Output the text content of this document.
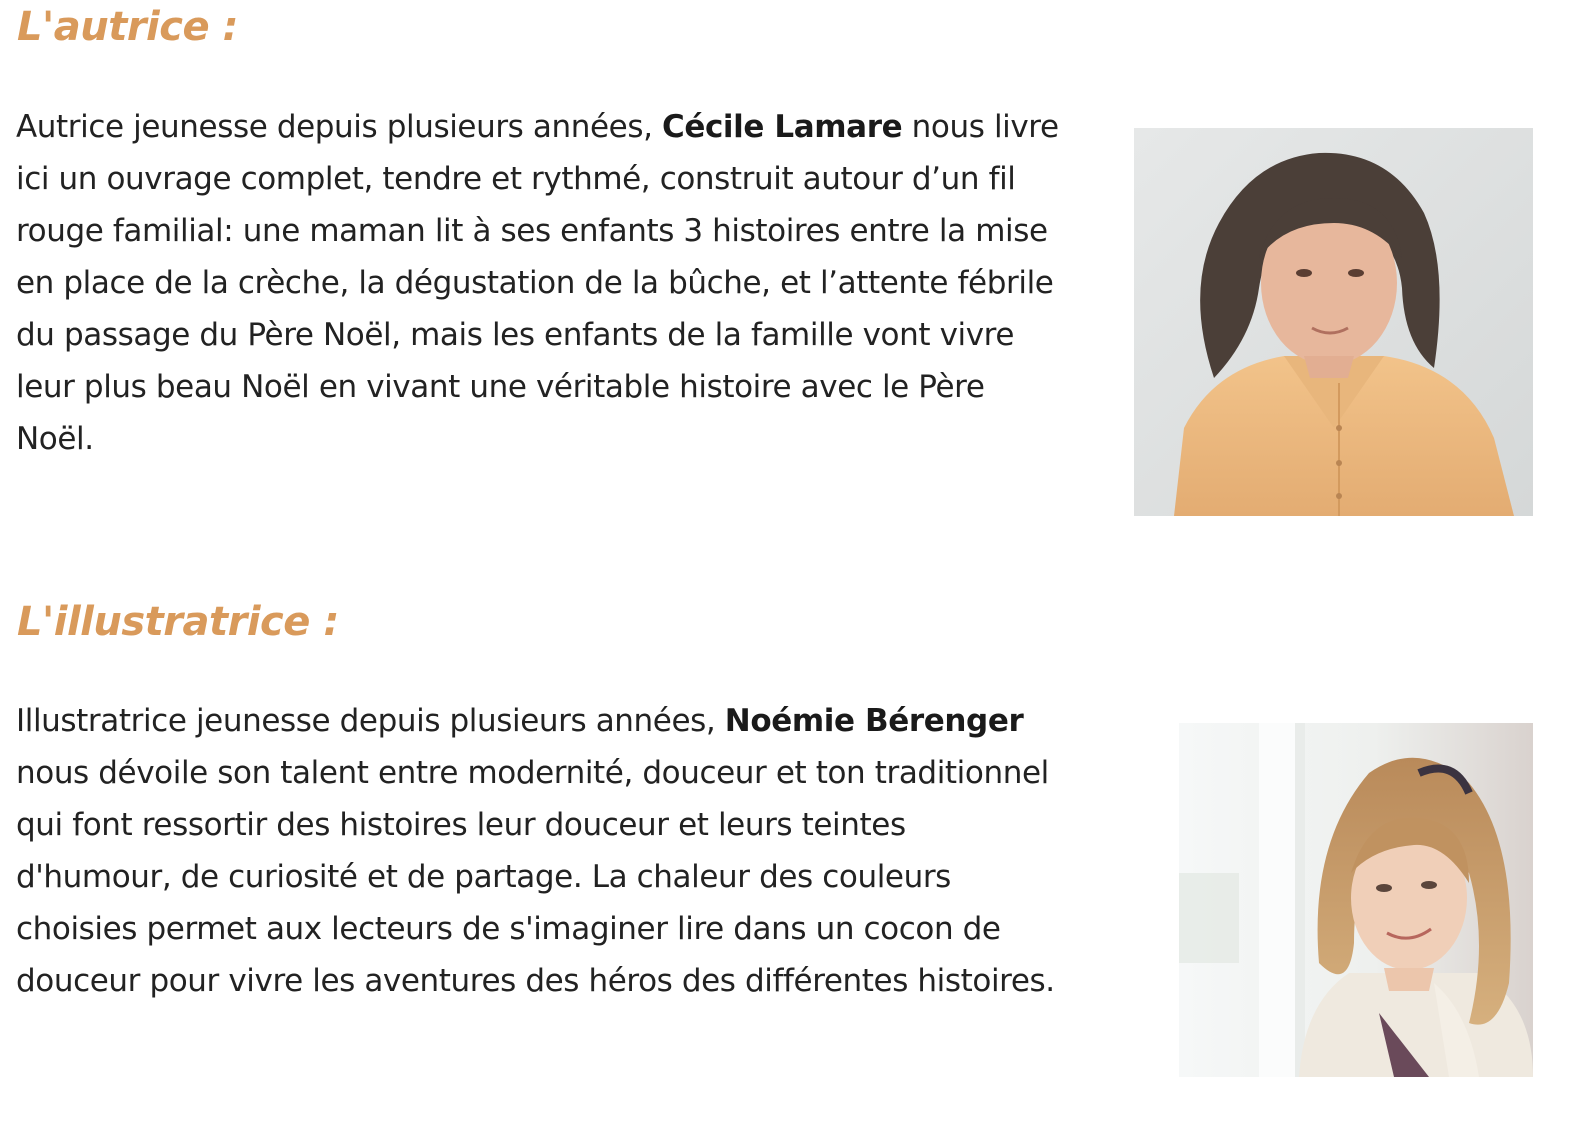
L'autrice :

Autrice jeunesse depuis plusieurs années, Cécile Lamare nous livre ici un ouvrage complet, tendre et rythmé, construit autour d’un fil rouge familial: une maman lit à ses enfants 3 histoires entre la mise en place de la crèche, la dégustation de la bûche, et l’attente fébrile du passage du Père Noël, mais les enfants de la famille vont vivre leur plus beau Noël en vivant une véritable histoire avec le Père Noël.

L'illustratrice :

Illustratrice jeunesse depuis plusieurs années, Noémie Bérenger nous dévoile son talent entre modernité, douceur et ton traditionnel qui font ressortir des histoires leur douceur et leurs teintes d'humour, de curiosité et de partage. La chaleur des couleurs choisies permet aux lecteurs de s'imaginer lire dans un cocon de douceur pour vivre les aventures des héros des différentes histoires.
